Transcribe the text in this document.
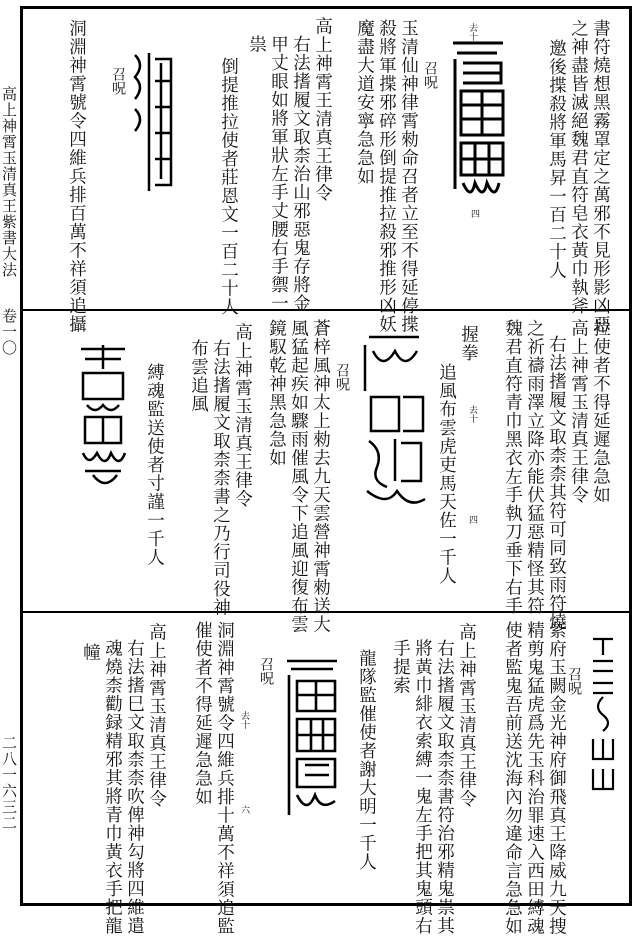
高上神霄玉清真王紫書大法
卷一〇
二八一六三二
書符燒想黑霧罩定之萬邪不見形影凶惡
之神盡皆滅絕魏君直符皂衣黃巾執斧
邀後揲殺將軍馬昇一百二十人
去十
四
召呪
玉清仙神律霄勑命召者立至不得延停揲
殺將軍揲邪碎形倒提推拉殺邪推形凶妖
魔盡大道安寧急急如
高上神霄王清真王律令
右法搘履文取柰治山邪惡鬼存將金
甲丈眼如將軍狀左手丈腰右手禦一
祟
倒提推拉使者莊恩文一百二十人
召呪
洞淵神霄號令四維兵排百萬不祥須追攝
拉使者不得延遲急急如
高上神霄玉清真王律令
右法搘履文取柰柰其符可同致雨符燒
之祈禱雨澤立降亦能伏猛惡精怪其符
魏君直符青巾黑衣左手執刀垂下右手
握拳
去十
四
追風布雲虎吏馬天佐一千人
召呪
蒼梓風神太上勑去九天雲營神霄勑送大
風猛起疾如驟雨催風令下追風迎復布雲
鏡馭乾神黑急急如
高上神霄玉清真王律令
右法搘履文取柰柰書之乃行司役神
布雲追風
縛魂監送使者寸謹一千人
紫府玉闕金光神府御飛真王降威九天捜
精剪鬼猛虎爲先玉科治罪速入西田縛魂
使者監鬼吾前送沈海內勿違命言急急如	召呪
高上神霄玉清真王律令
右法搘履文取柰柰書符治邪精鬼祟其
將黃巾緋衣索縛一鬼左手把其鬼頭右
手提索
龍隊監催使者謝大明一千人
去十
六
召呪
洞淵神霄號令四維兵排十萬不祥須追監
催使者不得延遲急急如
高上神霄玉清真王律令
右法搘巳文取柰柰吹俾神勾將四維遣
魂燒柰勸録精邪其將青巾黃衣手把龍
幢
